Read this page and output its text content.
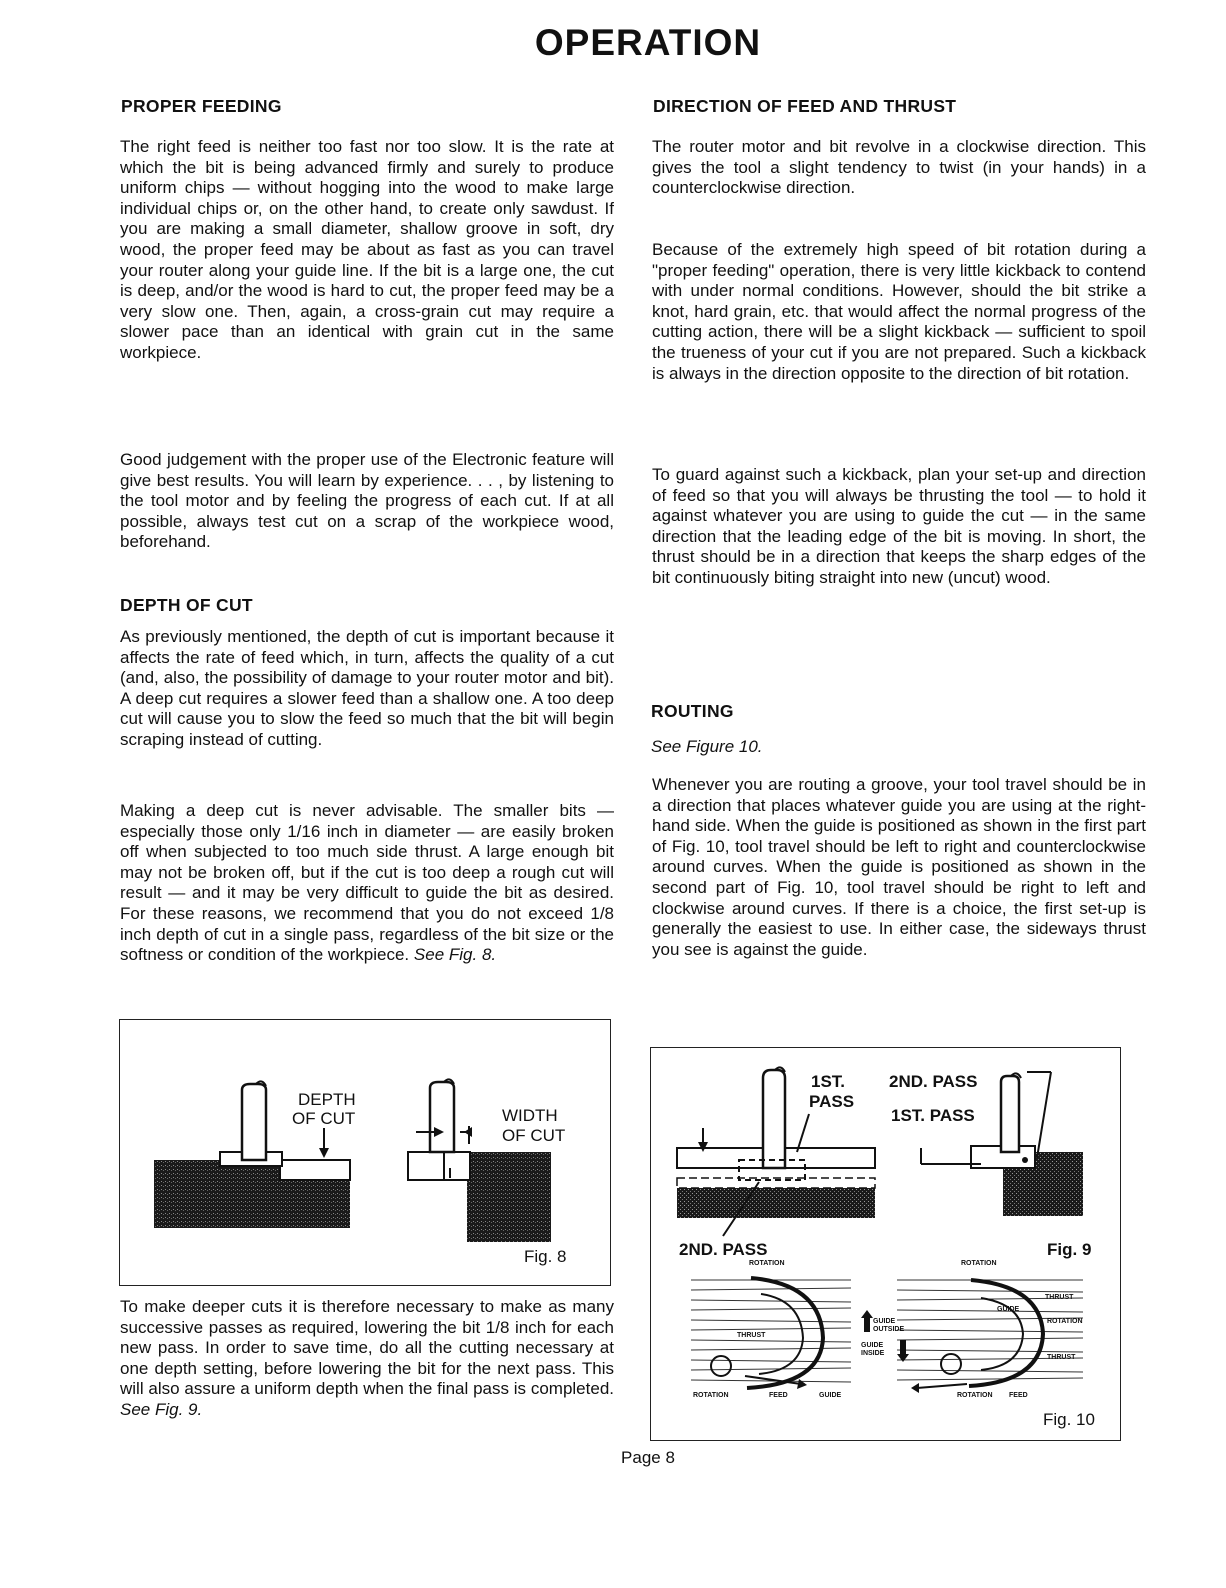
OPERATION
PROPER FEEDING

The right feed is neither too fast nor too slow. It is the rate at which the bit is being advanced firmly and surely to produce uniform chips — without hogging into the wood to make large individual chips or, on the other hand, to create only sawdust. If you are making a small diameter, shallow groove in soft, dry wood, the proper feed may be about as fast as you can travel your router along your guide line. If the bit is a large one, the cut is deep, and/or the wood is hard to cut, the proper feed may be a very slow one. Then, again, a cross-grain cut may require a slower pace than an identical with grain cut in the same workpiece.

Good judgement with the proper use of the Electronic feature will give best results. You will learn by experience. . . , by listening to the tool motor and by feeling the progress of each cut. If at all possible, always test cut on a scrap of the workpiece wood, beforehand.

DEPTH OF CUT

As previously mentioned, the depth of cut is important because it affects the rate of feed which, in turn, affects the quality of a cut (and, also, the possibility of damage to your router motor and bit). A deep cut requires a slower feed than a shallow one. A too deep cut will cause you to slow the feed so much that the bit will begin scraping instead of cutting.

Making a deep cut is never advisable. The smaller bits — especially those only 1/16 inch in diameter — are easily broken off when subjected to too much side thrust. A large enough bit may not be broken off, but if the cut is too deep a rough cut will result — and it may be very difficult to guide the bit as desired. For these reasons, we recommend that you do not exceed 1/8 inch depth of cut in a single pass, regardless of the bit size or the softness or condition of the workpiece. See Fig. 8.

DEPTH
OF CUT	WIDTH
OF CUT
Fig. 8

To make deeper cuts it is therefore necessary to make as many successive passes as required, lowering the bit 1/8 inch for each new pass. In order to save time, do all the cutting necessary at one depth setting, before lowering the bit for the next pass. This will also assure a uniform depth when the final pass is completed. See Fig. 9.

DIRECTION OF FEED AND THRUST

The router motor and bit revolve in a clockwise direction. This gives the tool a slight tendency to twist (in your hands) in a counterclockwise direction.

Because of the extremely high speed of bit rotation during a "proper feeding" operation, there is very little kickback to contend with under normal conditions. However, should the bit strike a knot, hard grain, etc. that would affect the normal progress of the cutting action, there will be a slight kickback — sufficient to spoil the trueness of your cut if you are not prepared. Such a kickback is always in the direction opposite to the direction of bit rotation.

To guard against such a kickback, plan your set-up and direction of feed so that you will always be thrusting the tool — to hold it against whatever you are using to guide the cut — in the same direction that the leading edge of the bit is moving. In short, the thrust should be in a direction that keeps the sharp edges of the bit continuously biting straight into new (uncut) wood.

ROUTING
See Figure 10.

Whenever you are routing a groove, your tool travel should be in a direction that places whatever guide you are using at the right-hand side. When the guide is positioned as shown in the first part of Fig. 10, tool travel should be left to right and counterclockwise around curves. When the guide is positioned as shown in the second part of Fig. 10, tool travel should be right to left and clockwise around curves. If there is a choice, the first set-up is generally the easiest to use. In either case, the sideways thrust you see is against the guide.

1ST.
PASS
2ND. PASS
1ST. PASS
2ND. PASS	Fig. 9
ROTATION
THRUST
ROTATION	FEED	GUIDE
GUIDE OUTSIDE
GUIDE INSIDE
ROTATION
THRUST
GUIDE
ROTATION
THRUST
ROTATION FEED
Fig. 10
Page 8
